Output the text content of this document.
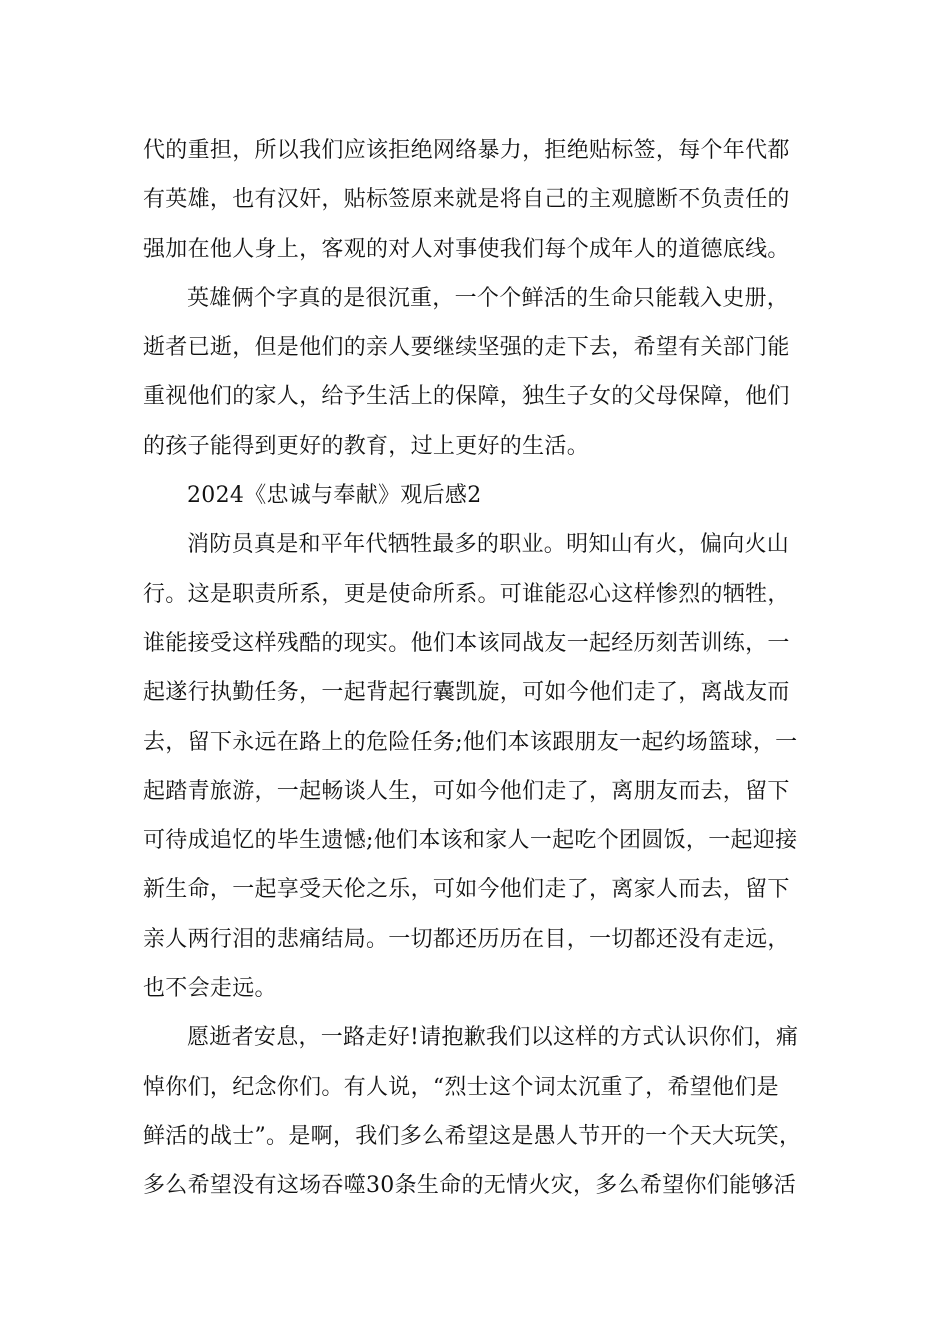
代的重担，所以我们应该拒绝网络暴力，拒绝贴标签，每个年代都
有英雄，也有汉奸，贴标签原来就是将自己的主观臆断不负责任的
强加在他人身上，客观的对人对事使我们每个成年人的道德底线。
英雄俩个字真的是很沉重，一个个鲜活的生命只能载入史册，
逝者已逝，但是他们的亲人要继续坚强的走下去，希望有关部门能
重视他们的家人，给予生活上的保障，独生子女的父母保障，他们
的孩子能得到更好的教育，过上更好的生活。
2024《忠诚与奉献》观后感2
消防员真是和平年代牺牲最多的职业。明知山有火，偏向火山
行。这是职责所系，更是使命所系。可谁能忍心这样惨烈的牺牲，
谁能接受这样残酷的现实。他们本该同战友一起经历刻苦训练，一
起遂行执勤任务，一起背起行囊凯旋，可如今他们走了，离战友而
去，留下永远在路上的危险任务;他们本该跟朋友一起约场篮球，一
起踏青旅游，一起畅谈人生，可如今他们走了，离朋友而去，留下
可待成追忆的毕生遗憾;他们本该和家人一起吃个团圆饭，一起迎接
新生命，一起享受天伦之乐，可如今他们走了，离家人而去，留下
亲人两行泪的悲痛结局。一切都还历历在目，一切都还没有走远，
也不会走远。
愿逝者安息，一路走好!请抱歉我们以这样的方式认识你们，痛
悼你们，纪念你们。有人说，“烈士这个词太沉重了，希望他们是
鲜活的战士”。是啊，我们多么希望这是愚人节开的一个天大玩笑，
多么希望没有这场吞噬30条生命的无情火灾，多么希望你们能够活
